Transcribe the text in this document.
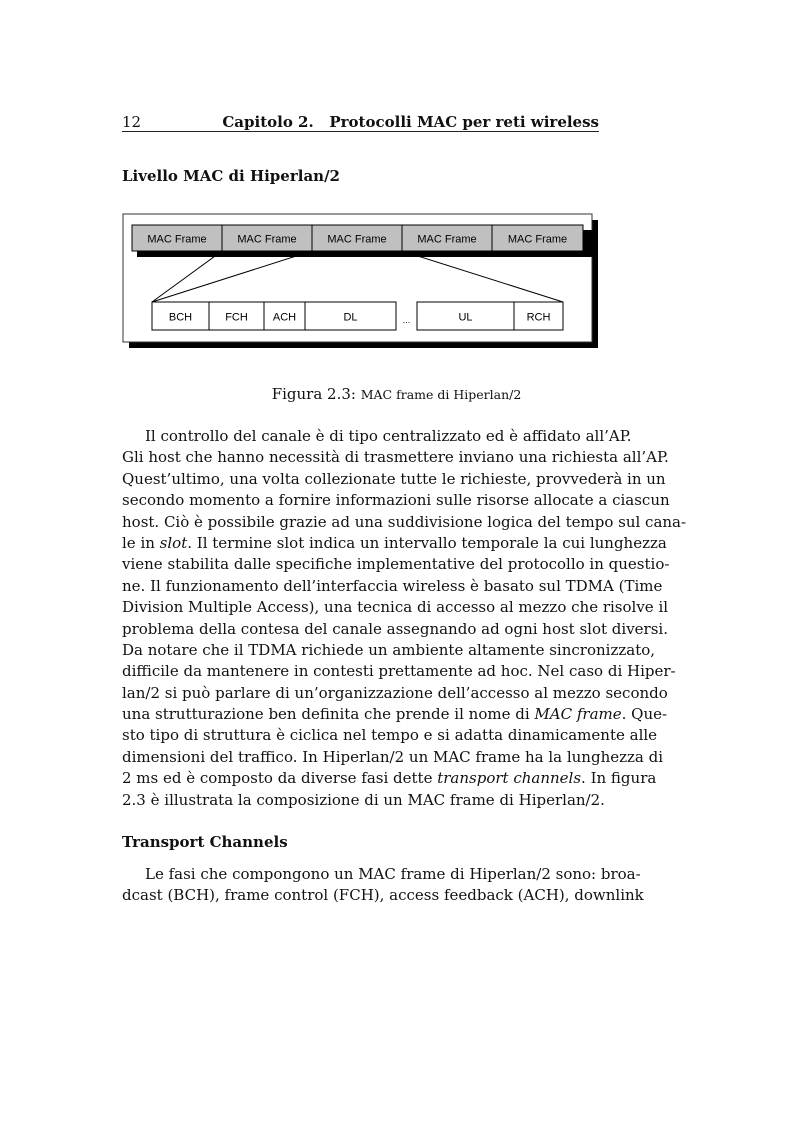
12	Capitolo 2.   Protocolli MAC per reti wireless
Livello MAC di Hiperlan/2
MAC Frame	MAC Frame	MAC Frame	MAC Frame	MAC Frame
BCH	FCH ACH	DL	...	UL	RCH
Figura 2.3: MAC frame di Hiperlan/2
Il controllo del canale è di tipo centralizzato ed è affidato all’AP.
Gli host che hanno necessità di trasmettere inviano una richiesta all’AP.
Quest’ultimo, una volta collezionate tutte le richieste, provvederà in un
secondo momento a fornire informazioni sulle risorse allocate a ciascun
host. Ciò è possibile grazie ad una suddivisione logica del tempo sul cana-
le in slot. Il termine slot indica un intervallo temporale la cui lunghezza
viene stabilita dalle specifiche implementative del protocollo in questio-
ne. Il funzionamento dell’interfaccia wireless è basato sul TDMA (Time
Division Multiple Access), una tecnica di accesso al mezzo che risolve il
problema della contesa del canale assegnando ad ogni host slot diversi.
Da notare che il TDMA richiede un ambiente altamente sincronizzato,
difficile da mantenere in contesti prettamente ad hoc. Nel caso di Hiper-
lan/2 si può parlare di un’organizzazione dell’accesso al mezzo secondo
una strutturazione ben definita che prende il nome di MAC frame. Que-
sto tipo di struttura è ciclica nel tempo e si adatta dinamicamente alle
dimensioni del traffico. In Hiperlan/2 un MAC frame ha la lunghezza di
2 ms ed è composto da diverse fasi dette transport channels. In figura
2.3 è illustrata la composizione di un MAC frame di Hiperlan/2.
Transport Channels
Le fasi che compongono un MAC frame di Hiperlan/2 sono: broa-
dcast (BCH), frame control (FCH), access feedback (ACH), downlink
